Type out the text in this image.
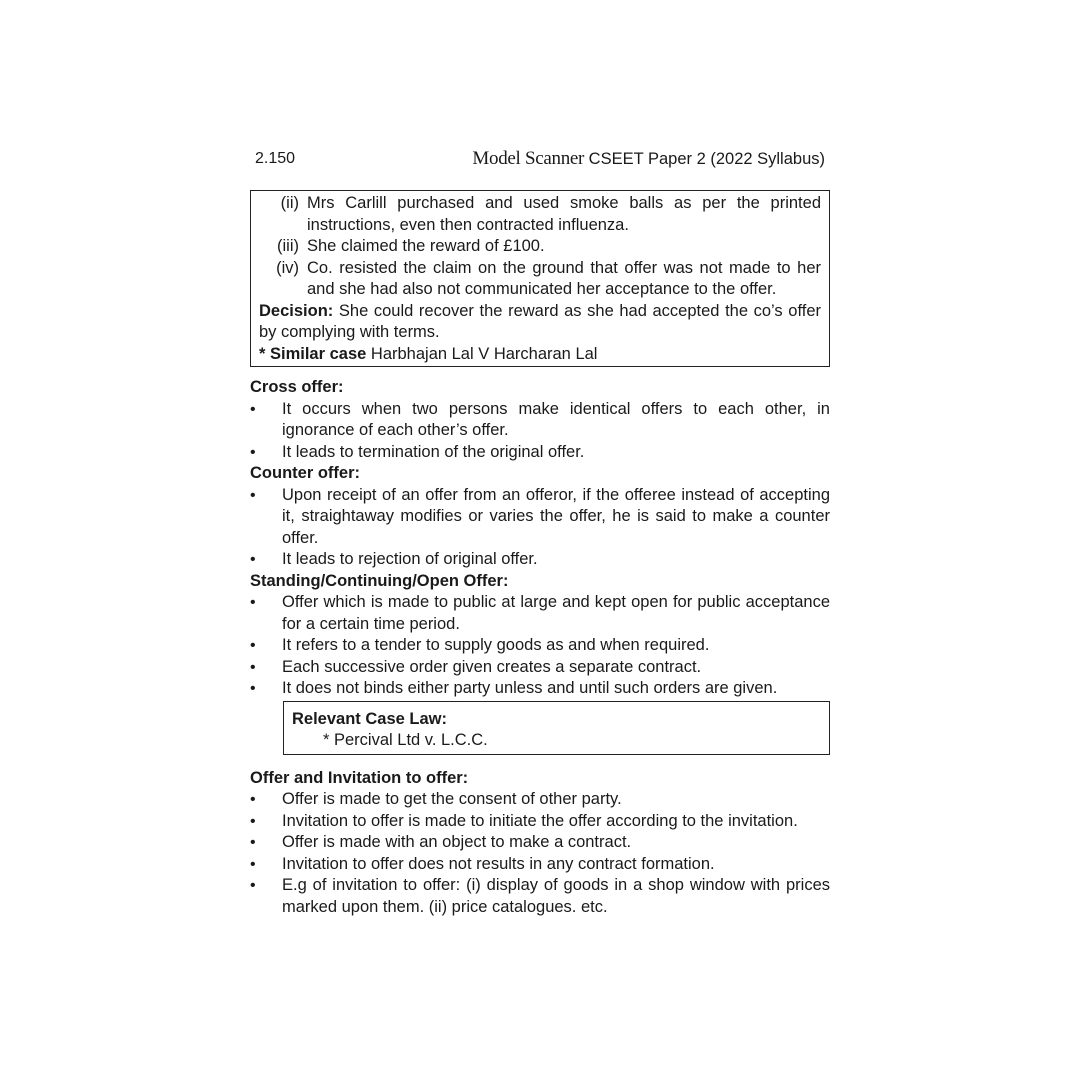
2.150	Model Scanner CSEET Paper 2 (2022 Syllabus)
(ii) Mrs Carlill purchased and used smoke balls as per the printed instructions, even then contracted influenza.
(iii) She claimed the reward of £100.
(iv) Co. resisted the claim on the ground that offer was not made to her and she had also not communicated her acceptance to the offer.
Decision: She could recover the reward as she had accepted the co’s offer by complying with terms.
* Similar case Harbhajan Lal V Harcharan Lal
Cross offer:
•	It occurs when two persons make identical offers to each other, in ignorance of each other’s offer.
•	It leads to termination of the original offer.
Counter offer:
•	Upon receipt of an offer from an offeror, if the offeree instead of accepting it, straightaway modifies or varies the offer, he is said to make a counter offer.
•	It leads to rejection of original offer.
Standing/Continuing/Open Offer:
•	Offer which is made to public at large and kept open for public acceptance for a certain time period.
•	It refers to a tender to supply goods as and when required.
•	Each successive order given creates a separate contract.
•	It does not binds either party unless and until such orders are given.
Relevant Case Law:
* Percival Ltd v. L.C.C.
Offer and Invitation to offer:
•	Offer is made to get the consent of other party.
•	Invitation to offer is made to initiate the offer according to the invitation.
•	Offer is made with an object to make a contract.
•	Invitation to offer does not results in any contract formation.
•	E.g of invitation to offer: (i) display of goods in a shop window with prices marked upon them. (ii) price catalogues. etc.
